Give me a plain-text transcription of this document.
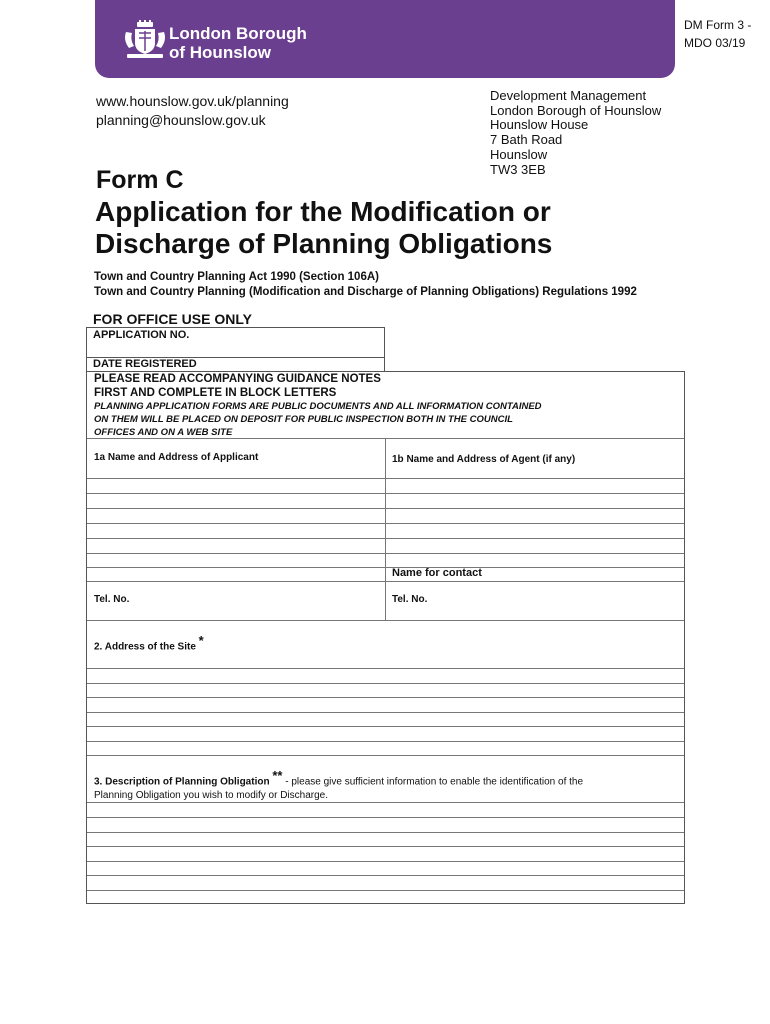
London Borough
of Hounslow
DM Form 3 -
MDO 03/19
www.hounslow.gov.uk/planning
planning@hounslow.gov.uk
Development Management
London Borough of Hounslow
Hounslow House
7 Bath Road
Hounslow
TW3 3EB
Form C
Application for the Modification or
Discharge of Planning Obligations
Town and Country Planning Act 1990 (Section 106A)
Town and Country Planning (Modification and Discharge of Planning Obligations) Regulations 1992
FOR OFFICE USE ONLY
APPLICATION NO.
DATE REGISTERED
PLEASE READ ACCOMPANYING GUIDANCE NOTES
FIRST AND COMPLETE IN BLOCK LETTERS
PLANNING APPLICATION FORMS ARE PUBLIC DOCUMENTS AND ALL INFORMATION CONTAINED
ON THEM WILL BE PLACED ON DEPOSIT FOR PUBLIC INSPECTION BOTH IN THE COUNCIL
OFFICES AND ON A WEB SITE
1a Name and Address of Applicant	1b Name and Address of Agent (if any)
Name for contact
Tel. No.	Tel. No.
2. Address of the Site *
3. Description of Planning Obligation ** - please give sufficient information to enable the identification of the
Planning Obligation you wish to modify or Discharge.
